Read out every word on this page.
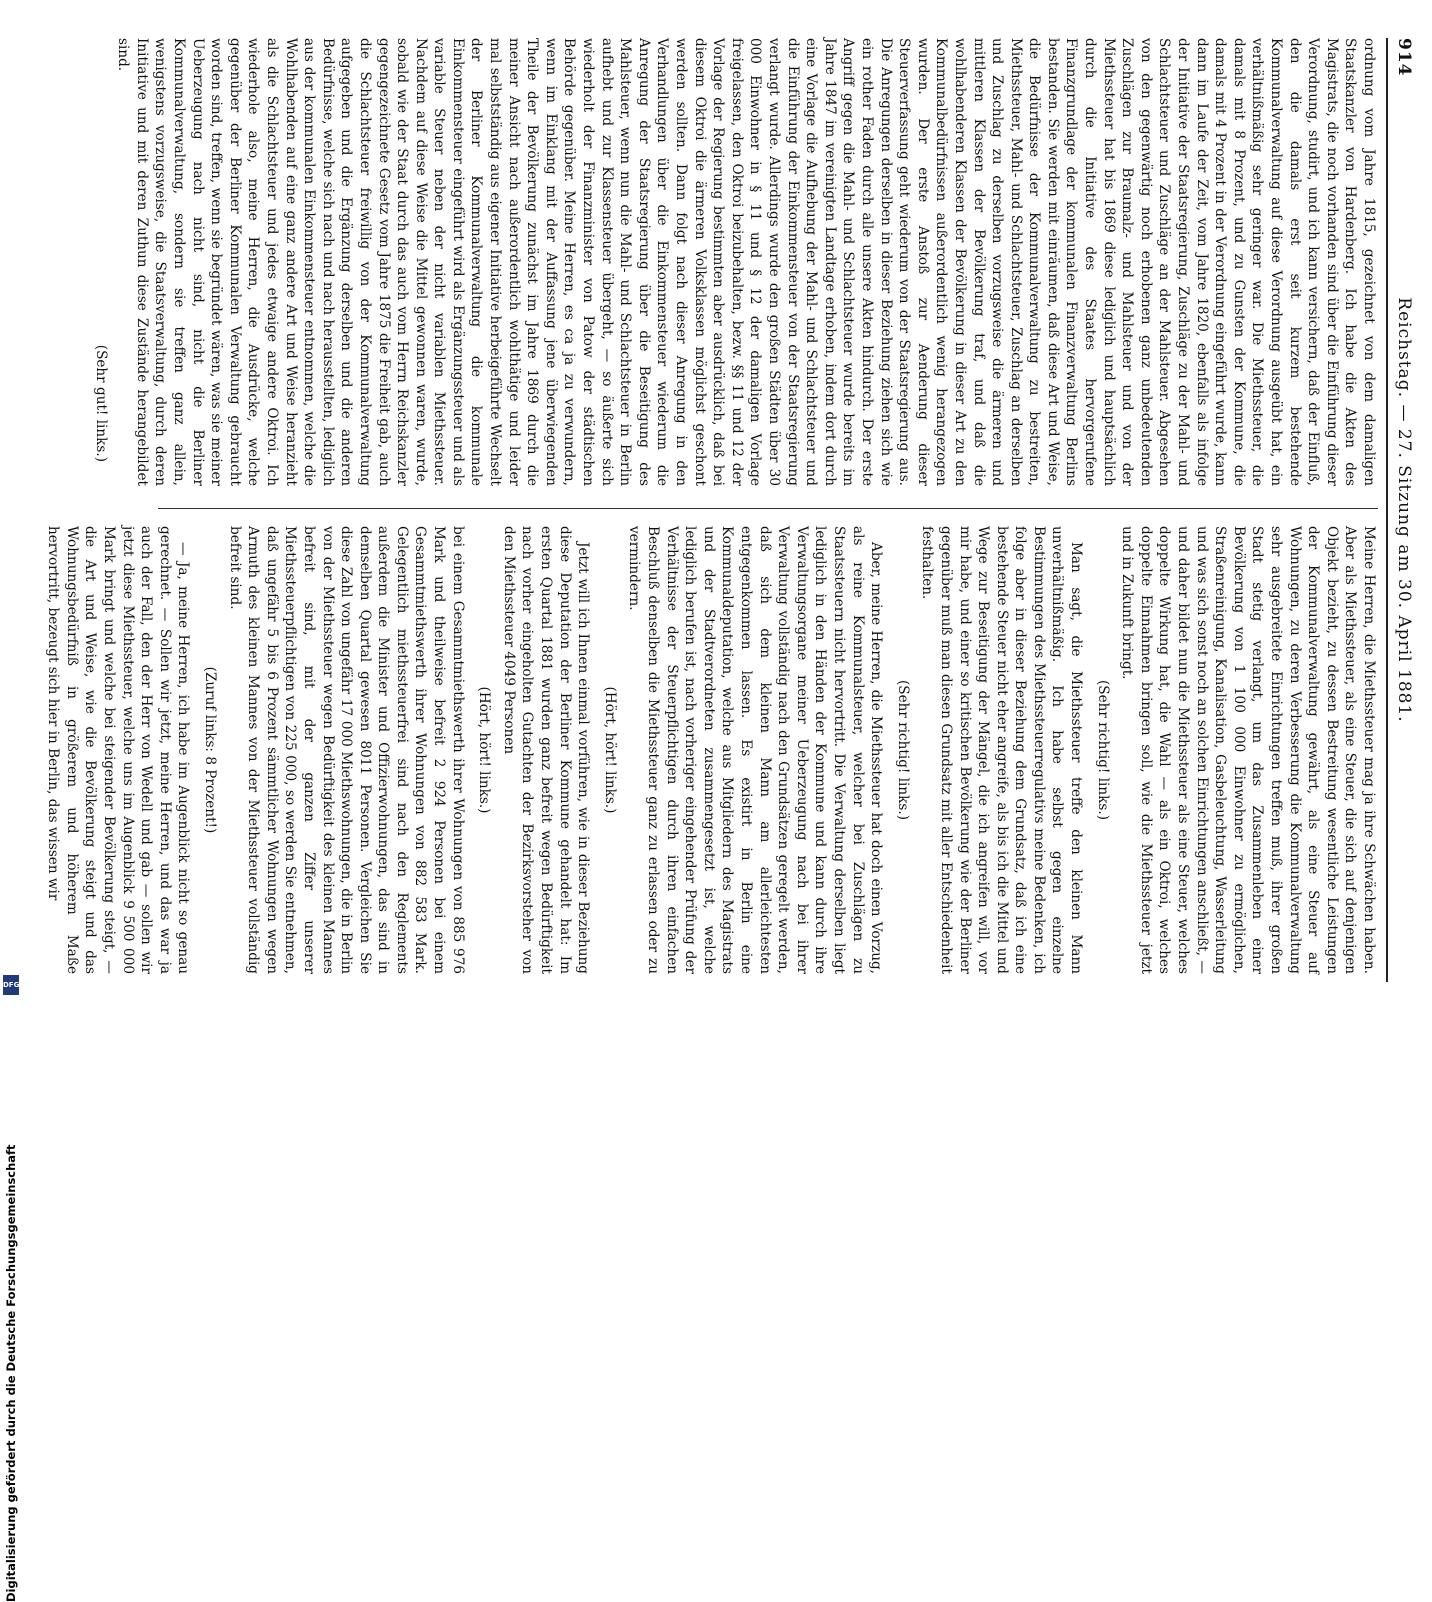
914
Reichstag. — 27. Sitzung am 30. April 1881.

ordnung vom Jahre 1815, gezeichnet von dem damaligen Staatskanzler von Hardenberg. Ich habe die Akten des Magistrats, die noch vorhanden sind über die Einführung dieser Verordnung, studirt, und ich kann versichern, daß der Einfluß, den die damals erst seit kurzem bestehende Kommunalverwaltung auf diese Verordnung ausgeübt hat, ein verhältnißmäßig sehr geringer war. Die Miethssteuer, die damals mit 8 Prozent, und zu Gunsten der Kommune, die damals mit 4 Prozent in der Verordnung eingeführt wurde, kann dann im Laufe der Zeit, vom Jahre 1820, ebenfalls als infolge der Initiative der Staatsregierung, Zuschläge zu der Mahl- und Schlachtsteuer und Zuschläge an der Mahlsteuer. Abgesehen von den gegenwärtig noch erhobenen ganz unbedeutenden Zuschlägen zur Braumalz- und Mahlsteuer und von der Miethssteuer hat bis 1869 diese lediglich und hauptsächlich durch die Initiative des Staates hervorgerufene Finanzgrundlage der kommunalen Finanzverwaltung Berlins bestanden. Sie werden mit einräumen, daß diese Art und Weise, die Bedürfnisse der Kommunalverwaltung zu bestreiten, Miethssteuer, Mahl- und Schlachtsteuer, Zuschlag an derselben und Zuschlag zu derselben vorzugsweise die ärmeren und mittleren Klassen der Bevölkerung traf, und daß die wohlhabenderen Klassen der Bevölkerung in dieser Art zu den Kommunalbedürfnissen außerordentlich wenig herangezogen wurden. Der erste Anstoß zur Aenderung dieser Steuerverfassung geht wiederum von der Staatsregierung aus. Die Anregungen derselben in dieser Beziehung ziehen sich wie ein rother Faden durch alle unsere Akten hindurch. Der erste Angriff gegen die Mahl- und Schlachtsteuer wurde bereits im Jahre 1847 im vereinigten Landtage erhoben, indem dort durch eine Vorlage die Aufhebung der Mahl- und Schlachtsteuer und die Einführung der Einkommensteuer von der Staatsregierung verlangt wurde. Allerdings wurde den großen Städten über 30 000 Einwohner in § 11 und § 12 der damaligen Vorlage freigelassen, den Oktroi beizubehalten, bezw. §§ 11 und 12 der Vorlage der Regierung bestimmten aber ausdrücklich, daß bei diesem Oktroi die ärmeren Volksklassen möglichst geschont werden sollten. Dann folgt nach dieser Anregung in den Verhandlungen über die Einkommensteuer wiederum die Anregung der Staatsregierung über die Beseitigung des Mahlsteuer, wenn nun die Mahl- und Schlachtsteuer in Berlin aufhebt und zur Klassensteuer übergeht, — so äußerte sich wiederholt der Finanzminister von Patow der städtischen Behörde gegenüber. Meine Herren, es ca ja zu verwundern, wenn im Einklang mit der Auffassung jene überwiegenden Theile der Bevölkerung zunächst im Jahre 1869 durch die meiner Ansicht nach außerordentlich wohlthätige und leider mal selbstständig aus eigener Initiative herbeigeführte Wechselt der Berliner Kommunalverwaltung die kommunale Einkommensteuer eingeführt wird als Ergänzungssteuer und als variable Steuer neben der nicht variablen Miethssteuer. Nachdem auf diese Weise die Mittel gewonnen waren, wurde, sobald wie der Staat durch das auch vom Herrn Reichskanzler gegengezeichnete Gesetz vom Jahre 1875 die Freiheit gab, auch die Schlachtsteuer freiwillig von der Kommunalverwaltung aufgegeben und die Ergänzung derselben und die anderen Bedürfnisse, welche sich nach und nach herausstellten, lediglich aus der kommunalen Einkommensteuer entnommen, welche die Wohlhabenden auf eine ganz andere Art und Weise heranzieht als die Schlachtsteuer und jedes etwaige andere Oktroi. Ich wiederhole also, meine Herren, die Ausdrücke, welche gegenüber der Berliner Kommunalen Verwaltung gebraucht worden sind, treffen, wenn sie begründet wären, was sie meiner Ueberzeugung nach nicht sind, nicht die Berliner Kommunalverwaltung, sondern sie treffen ganz allein, wenigstens vorzugsweise, die Staatsverwaltung, durch deren Initiative und mit deren Zuthun diese Zustände herangebildet sind.

(Sehr gut! links.)

Meine Herren, die Miethssteuer mag ja ihre Schwächen haben. Aber als Miethssteuer, als eine Steuer, die sich auf denjenigen Objekt bezieht, zu dessen Bestreitung wesentliche Leistungen der Kommunalverwaltung gewährt, als eine Steuer auf Wohnungen, zu deren Verbesserung die Kommunalverwaltung sehr ausgebreitete Einrichtungen treffen muß, ihrer großen Stadt stetig verlangt, um das Zusammenleben einer Bevölkerung von 1 100 000 Einwohner zu ermöglichen, Straßenreinigung, Kanalisation, Gasbeleuchtung, Wasserleitung und was sich sonst noch an solchen Einrichtungen anschließt, — und daher bildet nun die Miethssteuer als eine Steuer, welches doppelte Wirkung hat, die Wahl — als ein Oktroi, welches doppelte Einnahmen bringen soll, wie die Miethssteuer jetzt und in Zukunft bringt.

(Sehr richtig! links.)

Man sagt, die Miethssteuer treffe den kleinen Mann unverhältnißmäßig. Ich habe selbst gegen einzelne Bestimmungen des Miethssteuerregulativs meine Bedenken, ich folge aber in dieser Beziehung dem Grundsatz, daß ich eine bestehende Steuer nicht eher angreife, als bis ich die Mittel und Wege zur Beseitigung der Mängel, die ich angreifen will, vor mir habe, und einer so kritischen Bevölkerung wie der Berliner gegenüber muß man diesen Grundsatz mit aller Entschiedenheit festhalten.

(Sehr richtig! links.)

Aber, meine Herren, die Miethssteuer hat doch einen Vorzug, als reine Kommunalsteuer, welcher bei Zuschlägen zu Staatssteuern nicht hervortritt. Die Verwaltung derselben liegt lediglich in den Händen der Kommune und kann durch ihre Verwaltungsorgane meiner Ueberzeugung nach bei ihrer Verwaltung vollständig nach den Grundsätzen geregelt werden, daß sich dem kleinen Mann am allerleichtesten entgegenkommen lassen. Es existirt in Berlin eine Kommunaldeputation, welche aus Mitgliedern des Magistrats und der Stadtverordneten zusammengesetzt ist, welche lediglich berufen ist, nach vorheriger eingehender Prüfung der Verhältnisse der Steuerpflichtigen durch ihren einfachen Beschluß denselben die Miethssteuer ganz zu erlassen oder zu vermindern.

(Hört, hört! links.)

Jetzt will ich Ihnen einmal vorführen, wie in dieser Beziehung diese Deputation der Berliner Kommune gehandelt hat: Im ersten Quartal 1881 wurden ganz befreit wegen Bedürftigkeit nach vorher eingeholten Gutachten der Bezirksvorsteher von den Miethssteuer 4049 Personen

(Hört, hört! links.)

bei einem Gesammtmiethswerth ihrer Wohnungen von 885 976 Mark und theilweise befreit 2 924 Personen bei einem Gesammtmiethswerth ihrer Wohnungen von 882 583 Mark. Gelegentlich miethssteuerfrei sind nach den Reglements außerdem die Minister und Offizierwohnungen, das sind in demselben Quartal gewesen 8011 Personen. Vergleichen Sie diese Zahl von ungefähr 17 000 Miethswohnungen, die in Berlin von der Miethssteuer wegen Bedürftigkeit des kleinen Mannes befreit sind, mit der ganzen Ziffer unserer Miethssteuerpflichtigen von 225 000, so werden Sie entnehmen, daß ungefähr 5 bis 6 Prozent sämmtlicher Wohnungen wegen Armuth des kleinen Mannes von der Miethssteuer vollständig befreit sind.

(Zuruf links: 8 Prozent!)

— Ja, meine Herren, ich habe im Augenblick nicht so genau gerechnet. — Sollen wir jetzt, meine Herren, und das war ja auch der Fall, den der Herr von Wedell und gab — sollen wir jetzt diese Miethssteuer, welche uns im Augenblick 9 500 000 Mark bringt und welche bei steigender Bevölkerung steigt, — die Art und Weise, wie die Bevölkerung steigt und das Wohnungsbedürfniß in größerem und höherem Maße hervortritt, bezeugt sich hier in Berlin, das wissen wir

Digitalisierung gefördert durch die Deutsche Forschungsgemeinschaft
DFG
